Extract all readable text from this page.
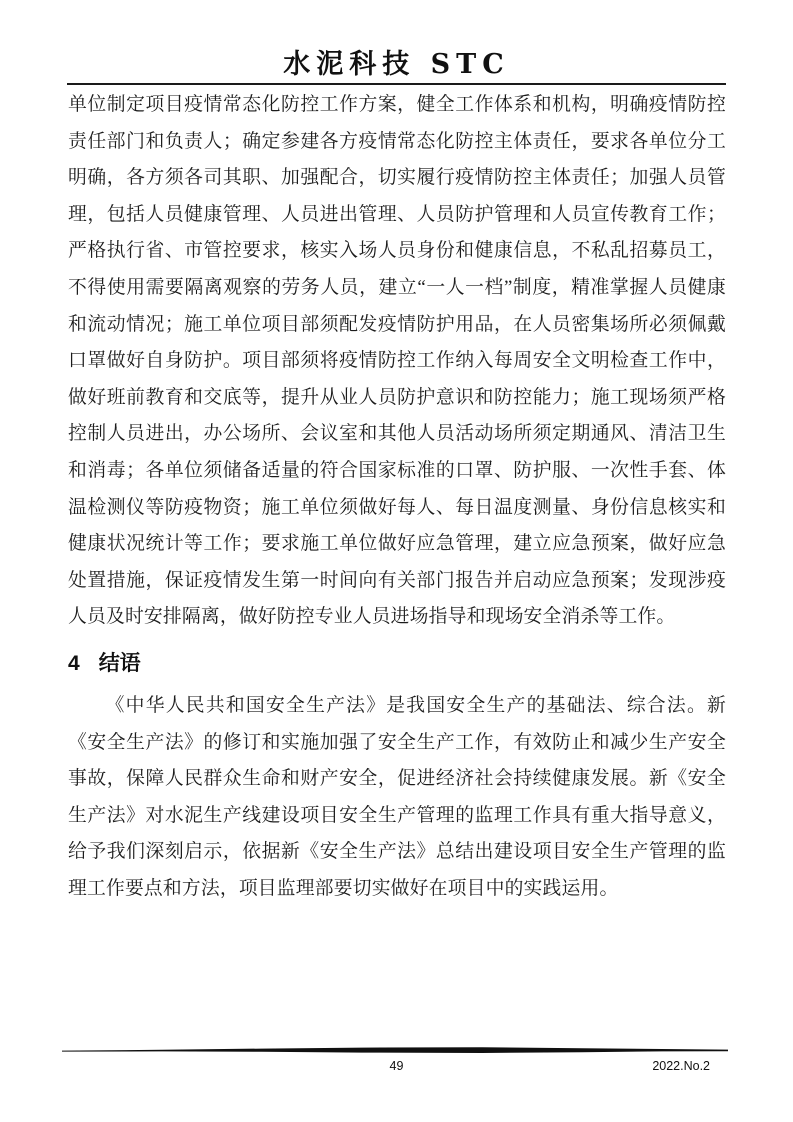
水泥科技 STC

单位制定项目疫情常态化防控工作方案，健全工作体系和机构，明确疫情防控责任部门和负责人；确定参建各方疫情常态化防控主体责任，要求各单位分工明确，各方须各司其职、加强配合，切实履行疫情防控主体责任；加强人员管理，包括人员健康管理、人员进出管理、人员防护管理和人员宣传教育工作；严格执行省、市管控要求，核实入场人员身份和健康信息，不私乱招募员工，不得使用需要隔离观察的劳务人员，建立“一人一档”制度，精准掌握人员健康和流动情况；施工单位项目部须配发疫情防护用品，在人员密集场所必须佩戴口罩做好自身防护。项目部须将疫情防控工作纳入每周安全文明检查工作中，做好班前教育和交底等，提升从业人员防护意识和防控能力；施工现场须严格控制人员进出，办公场所、会议室和其他人员活动场所须定期通风、清洁卫生和消毒；各单位须储备适量的符合国家标准的口罩、防护服、一次性手套、体温检测仪等防疫物资；施工单位须做好每人、每日温度测量、身份信息核实和健康状况统计等工作；要求施工单位做好应急管理，建立应急预案，做好应急处置措施，保证疫情发生第一时间向有关部门报告并启动应急预案；发现涉疫人员及时安排隔离，做好防控专业人员进场指导和现场安全消杀等工作。

4 结语

《中华人民共和国安全生产法》是我国安全生产的基础法、综合法。新《安全生产法》的修订和实施加强了安全生产工作，有效防止和减少生产安全事故，保障人民群众生命和财产安全，促进经济社会持续健康发展。新《安全生产法》对水泥生产线建设项目安全生产管理的监理工作具有重大指导意义，给予我们深刻启示，依据新《安全生产法》总结出建设项目安全生产管理的监理工作要点和方法，项目监理部要切实做好在项目中的实践运用。

49	2022.No.2
